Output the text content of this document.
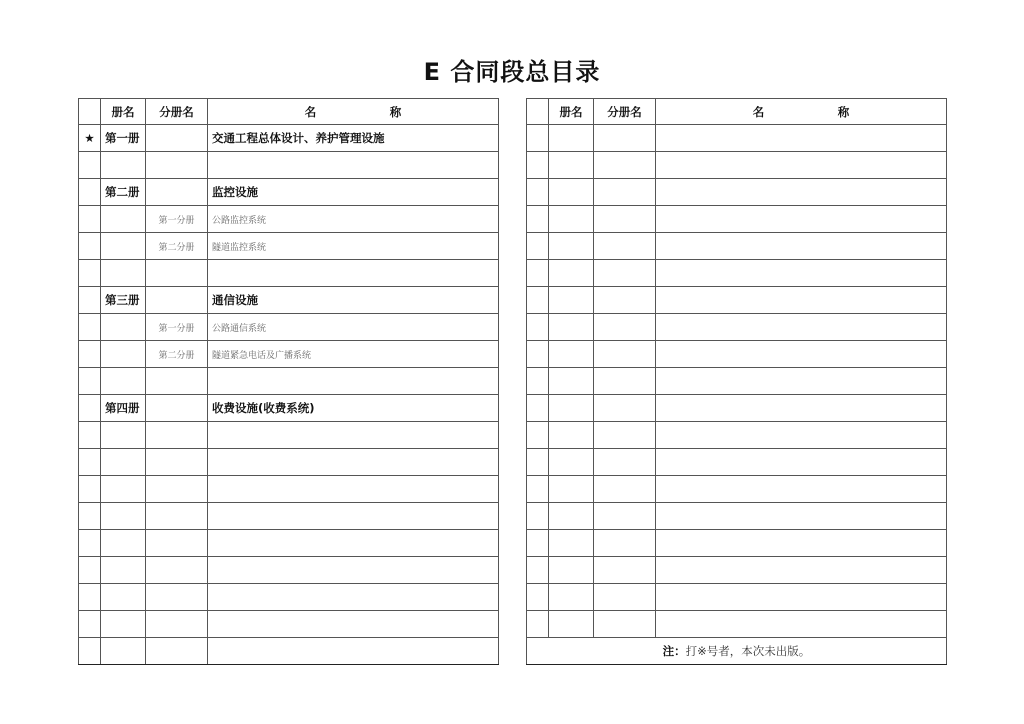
E 合同段总目录
	册名	分册名	名 称

★	第一册		交通工程总体设计、养护管理设施

	第二册		监控设施
		第一分册	公路监控系统
		第二分册	隧道监控系统

	第三册		通信设施
		第一分册	公路通信系统
		第二分册	隧道紧急电话及广播系统

	第四册		收费设施(收费系统)

	册名	分册名	名 称

注：打※号者，本次未出版。			
